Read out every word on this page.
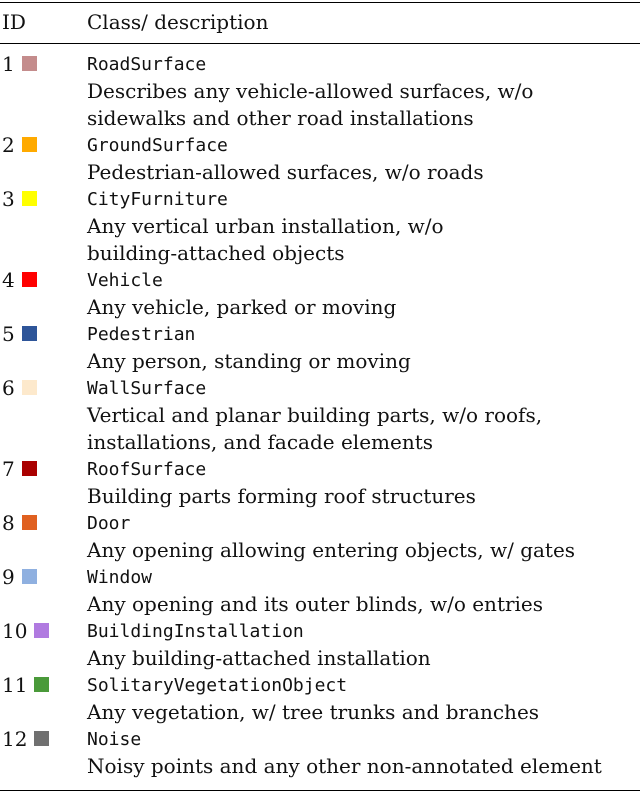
ID	Class/ description
1	RoadSurface
Describes any vehicle-allowed surfaces, w/o
sidewalks and other road installations
2	GroundSurface
Pedestrian-allowed surfaces, w/o roads
3	CityFurniture
Any vertical urban installation, w/o
building-attached objects
4	Vehicle
Any vehicle, parked or moving
5	Pedestrian
Any person, standing or moving
6	WallSurface
Vertical and planar building parts, w/o roofs,
installations, and facade elements
7	RoofSurface
Building parts forming roof structures
8	Door
Any opening allowing entering objects, w/ gates
9	Window
Any opening and its outer blinds, w/o entries
10	BuildingInstallation
Any building-attached installation
11	SolitaryVegetationObject
Any vegetation, w/ tree trunks and branches
12	Noise
Noisy points and any other non-annotated element
